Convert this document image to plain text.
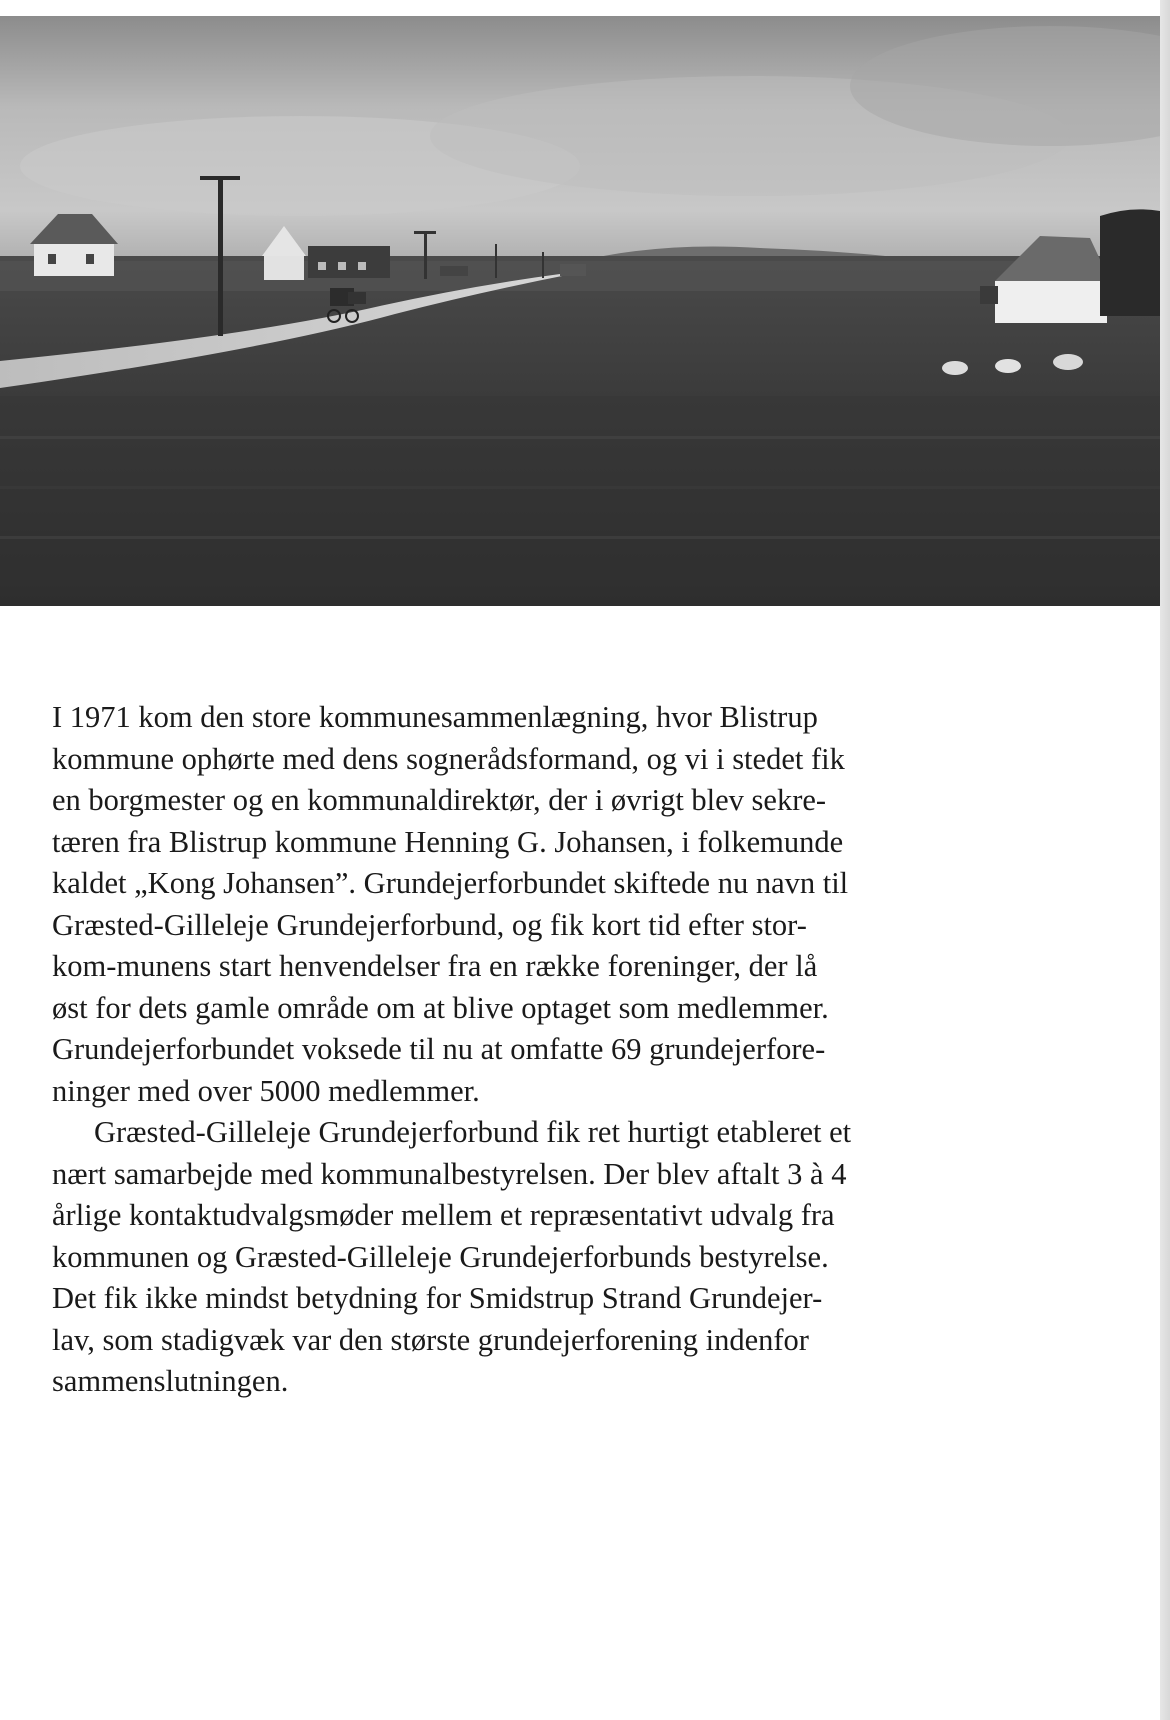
I 1971 kom den store kommunesammenlægning, hvor Blistrup
kommune ophørte med dens sognerådsformand, og vi i stedet fik
en borgmester og en kommunaldirektør, der i øvrigt blev sekre-
tæren fra Blistrup kommune Henning G. Johansen, i folkemunde
kaldet „Kong Johansen”. Grundejerforbundet skiftede nu navn til
Græsted-Gilleleje Grundejerforbund, og fik kort tid efter stor-
kom-munens start henvendelser fra en række foreninger, der lå
øst for dets gamle område om at blive optaget som medlemmer.
Grundejerforbundet voksede til nu at omfatte 69 grundejerfore-
ninger med over 5000 medlemmer.
Græsted-Gilleleje Grundejerforbund fik ret hurtigt etableret et
nært samarbejde med kommunalbestyrelsen. Der blev aftalt 3 à 4
årlige kontaktudvalgsmøder mellem et repræsentativt udvalg fra
kommunen og Græsted-Gilleleje Grundejerforbunds bestyrelse.
Det fik ikke mindst betydning for Smidstrup Strand Grundejer-
lav, som stadigvæk var den største grundejerforening indenfor
sammenslutningen.
